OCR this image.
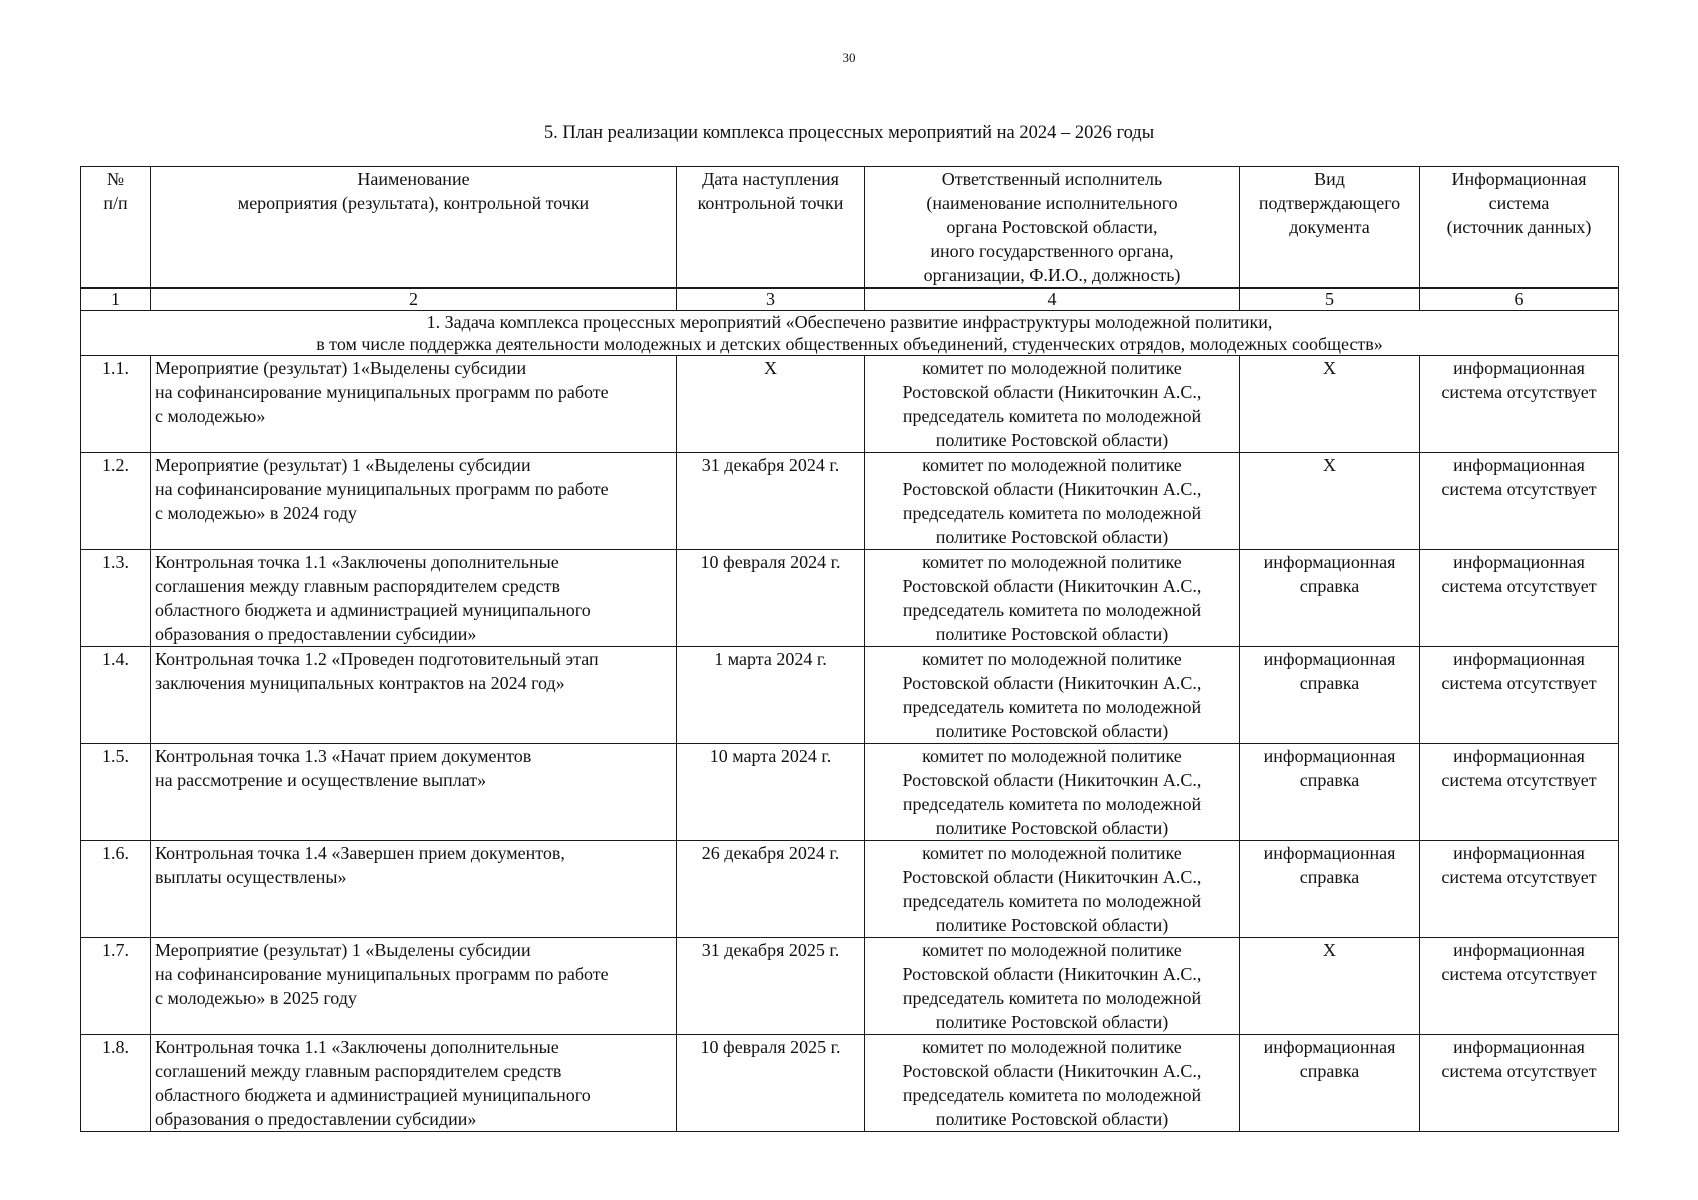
30
5. План реализации комплекса процессных мероприятий на 2024 – 2026 годы
№
п/п	Наименование
мероприятия (результата), контрольной точки	Дата наступления
контрольной точки	Ответственный исполнитель
(наименование исполнительного
органа Ростовской области,
иного государственного органа,
организации, Ф.И.О., должность)	Вид
подтверждающего
документа	Информационная
система
(источник данных)
1	2	3	4	5	6
1. Задача комплекса процессных мероприятий «Обеспечено развитие инфраструктуры молодежной политики,
в том числе поддержка деятельности молодежных и детских общественных объединений, студенческих отрядов, молодежных сообществ»					
1.1.	Мероприятие (результат) 1«Выделены субсидии
на софинансирование муниципальных программ по работе
с молодежью»	Х	комитет по молодежной политике
Ростовской области (Никиточкин А.С.,
председатель комитета по молодежной
политике Ростовской области)	Х	информационная
система отсутствует
1.2.	Мероприятие (результат) 1 «Выделены субсидии
на софинансирование муниципальных программ по работе
с молодежью» в 2024 году	31 декабря 2024 г.	комитет по молодежной политике
Ростовской области (Никиточкин А.С.,
председатель комитета по молодежной
политике Ростовской области)	Х	информационная
система отсутствует
1.3.	Контрольная точка 1.1 «Заключены дополнительные
соглашения между главным распорядителем средств
областного бюджета и администрацией муниципального
образования о предоставлении субсидии»	10 февраля 2024 г.	комитет по молодежной политике
Ростовской области (Никиточкин А.С.,
председатель комитета по молодежной
политике Ростовской области)	информационная
справка	информационная
система отсутствует
1.4.	Контрольная точка 1.2 «Проведен подготовительный этап
заключения муниципальных контрактов на 2024 год»	1 марта 2024 г.	комитет по молодежной политике
Ростовской области (Никиточкин А.С.,
председатель комитета по молодежной
политике Ростовской области)	информационная
справка	информационная
система отсутствует
1.5.	Контрольная точка 1.3 «Начат прием документов
на рассмотрение и осуществление выплат»	10 марта 2024 г.	комитет по молодежной политике
Ростовской области (Никиточкин А.С.,
председатель комитета по молодежной
политике Ростовской области)	информационная
справка	информационная
система отсутствует
1.6.	Контрольная точка 1.4 «Завершен прием документов,
выплаты осуществлены»	26 декабря 2024 г.	комитет по молодежной политике
Ростовской области (Никиточкин А.С.,
председатель комитета по молодежной
политике Ростовской области)	информационная
справка	информационная
система отсутствует
1.7.	Мероприятие (результат) 1 «Выделены субсидии
на софинансирование муниципальных программ по работе
с молодежью» в 2025 году	31 декабря 2025 г.	комитет по молодежной политике
Ростовской области (Никиточкин А.С.,
председатель комитета по молодежной
политике Ростовской области)	Х	информационная
система отсутствует
1.8.	Контрольная точка 1.1 «Заключены дополнительные
соглашений между главным распорядителем средств
областного бюджета и администрацией муниципального
образования о предоставлении субсидии»	10 февраля 2025 г.	комитет по молодежной политике
Ростовской области (Никиточкин А.С.,
председатель комитета по молодежной
политике Ростовской области)	информационная
справка	информационная
система отсутствует
